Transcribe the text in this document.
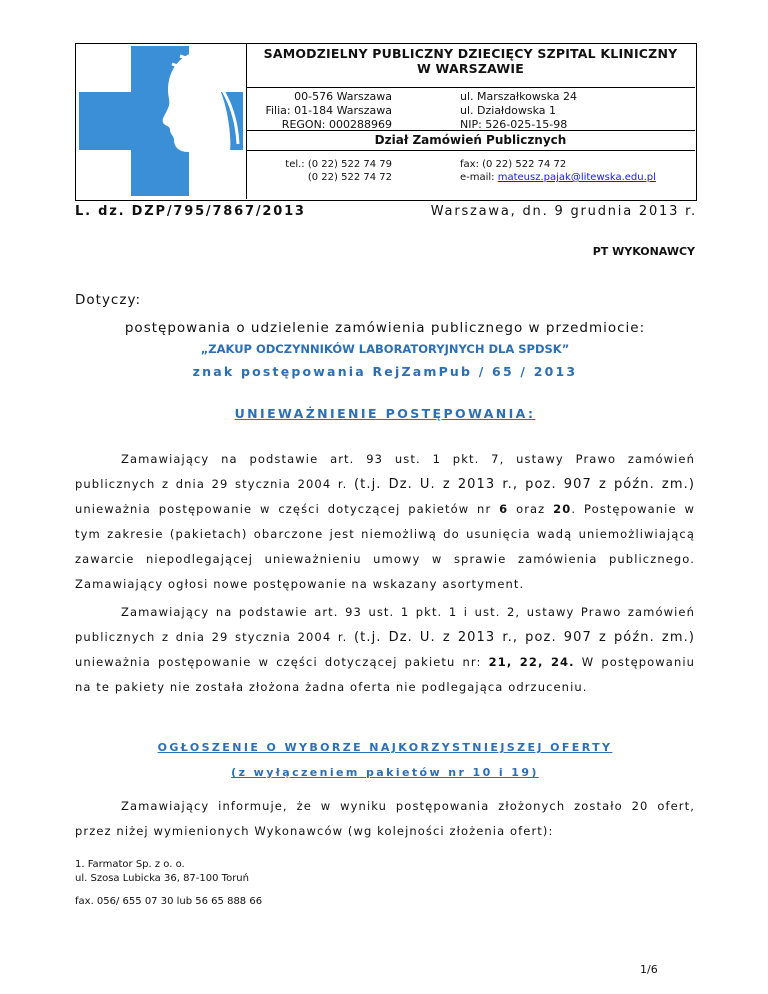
SAMODZIELNY PUBLICZNY DZIECIĘCY SZPITAL KLINICZNY
W WARSZAWIE
00-576 Warszawa
Filia: 01-184 Warszawa
REGON: 000288969
ul. Marszałkowska 24
ul. Działdowska 1
NIP: 526-025-15-98
Dział Zamówień Publicznych
tel.: (0 22) 522 74 79
(0 22) 522 74 72
fax: (0 22) 522 74 72
e-mail: mateusz.pajak@litewska.edu.pl
L. dz. DZP/795/7867/2013	Warszawa, dn. 9 grudnia 2013 r.
PT WYKONAWCY
Dotyczy:
postępowania o udzielenie zamówienia publicznego w przedmiocie:
„ZAKUP ODCZYNNIKÓW LABORATORYJNYCH DLA SPDSK”
znak postępowania RejZamPub / 65 / 2013
UNIEWAŻNIENIE POSTĘPOWANIA:
Zamawiający na podstawie art. 93 ust. 1 pkt. 7, ustawy Prawo zamówień
publicznych z dnia 29 stycznia 2004 r. (t.j. Dz. U. z 2013 r., poz. 907 z późn. zm.)
unieważnia postępowanie w części dotyczącej pakietów nr 6 oraz 20. Postępowanie w
tym zakresie (pakietach) obarczone jest niemożliwą do usunięcia wadą uniemożliwiającą
zawarcie niepodlegającej unieważnieniu umowy w sprawie zamówienia publicznego.
Zamawiający ogłosi nowe postępowanie na wskazany asortyment.
Zamawiający na podstawie art. 93 ust. 1 pkt. 1 i ust. 2, ustawy Prawo zamówień
publicznych z dnia 29 stycznia 2004 r. (t.j. Dz. U. z 2013 r., poz. 907 z późn. zm.)
unieważnia postępowanie w części dotyczącej pakietu nr: 21, 22, 24. W postępowaniu
na te pakiety nie została złożona żadna oferta nie podlegająca odrzuceniu.
OGŁOSZENIE O WYBORZE NAJKORZYSTNIEJSZEJ OFERTY
(z wyłączeniem pakietów nr 10 i 19)
Zamawiający informuje, że w wyniku postępowania złożonych zostało 20 ofert,
przez niżej wymienionych Wykonawców (wg kolejności złożenia ofert):
1. Farmator Sp. z o. o.
ul. Szosa Lubicka 36, 87-100 Toruń
fax. 056/ 655 07 30 lub 56 65 888 66
1/6
